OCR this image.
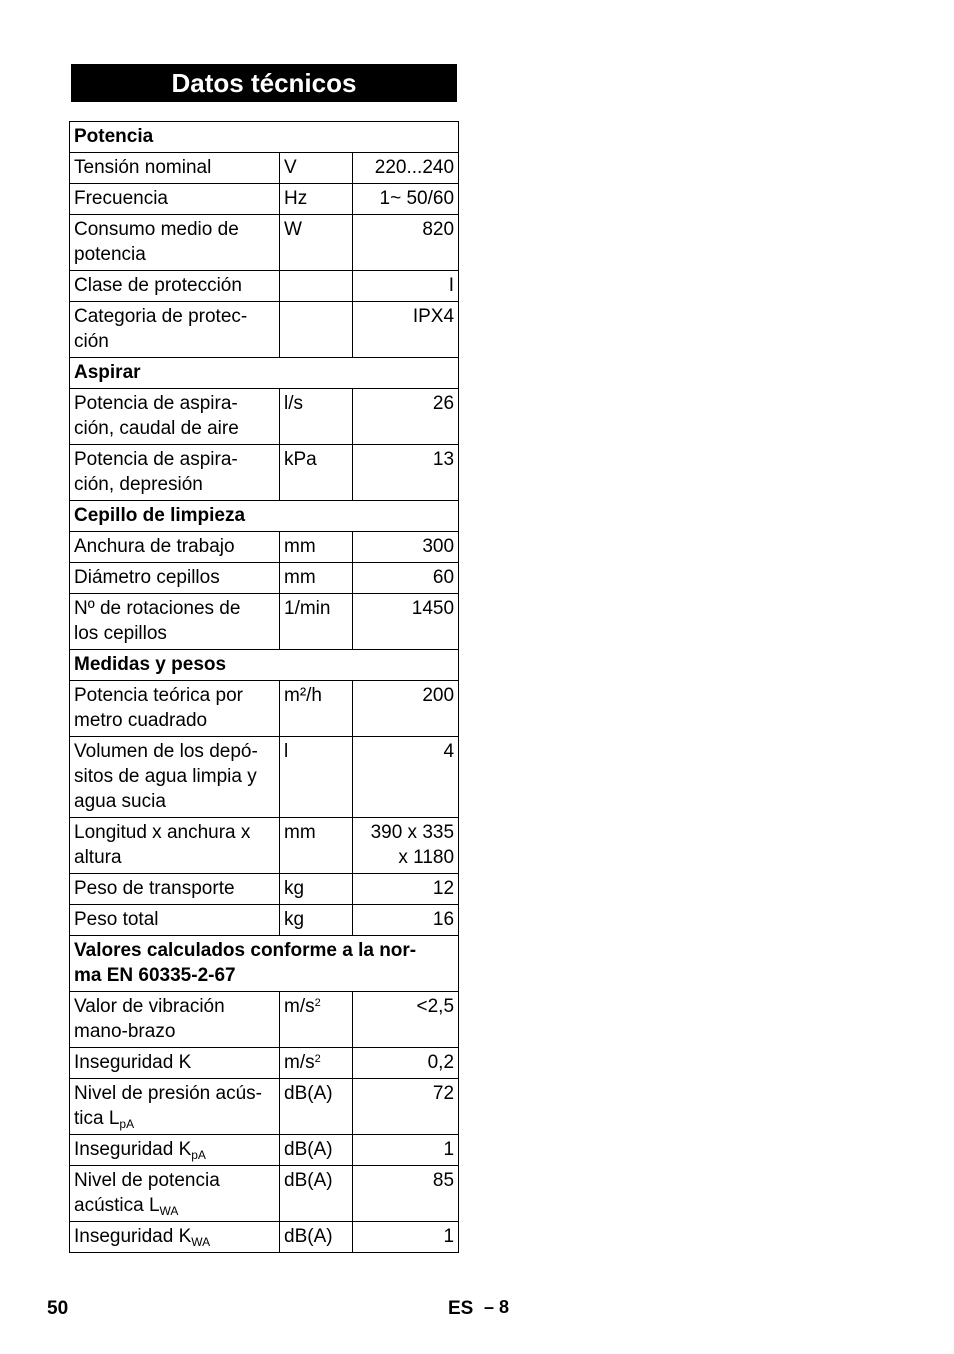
Datos técnicos
Potencia		
Tensión nominal	V	220...240
Frecuencia	Hz	1~ 50/60
Consumo medio de
potencia	W	820
Clase de protección		I
Categoria de protec-
ción		IPX4
Aspirar		
Potencia de aspira-
ción, caudal de aire	l/s	26
Potencia de aspira-
ción, depresión	kPa	13
Cepillo de limpieza		
Anchura de trabajo	mm	300
Diámetro cepillos	mm	60
Nº de rotaciones de
los cepillos	1/min	1450
Medidas y pesos		
Potencia teórica por
metro cuadrado	m²/h	200
Volumen de los depó-
sitos de agua limpia y
agua sucia	l	4
Longitud x anchura x
altura	mm	390 x 335
x 1180
Peso de transporte	kg	12
Peso total	kg	16
Valores calculados conforme a la nor-
ma EN 60335-2-67		
Valor de vibración
mano-brazo	$m/s^2$	<2,5
Inseguridad K	$m/s^2$	0,2
Nivel de presión acús-
tica $L_{pA}$	dB(A)	72
Inseguridad $K_{pA}$	dB(A)	1
Nivel de potencia
acústica $L_{WA}$	dB(A)	85
Inseguridad $K_{WA}$	dB(A)	1
50	ES – 8
